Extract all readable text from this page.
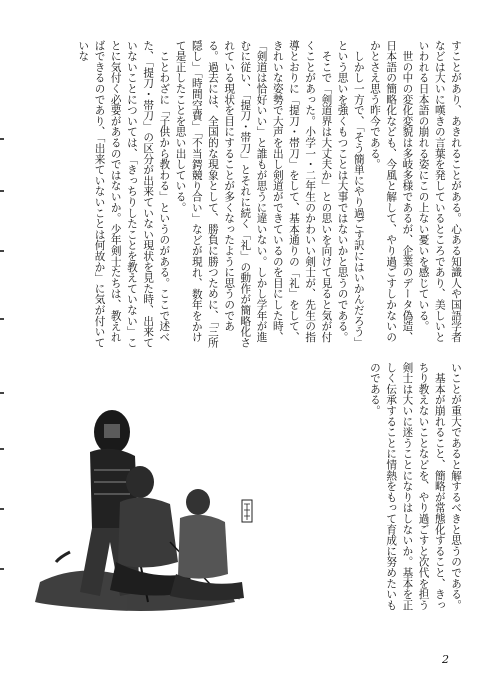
すことがあり、あきれることがある。心ある知識人や国語学者などは大いに嘆きの言葉を発しているところであり、美しいといわれる日本語の崩れる姿にこの上ない憂いを感じている。
　世の中の変化変貌は多岐多様であるが、企業のデータ偽造、日本語の簡略化なども、今風と解して、やり過ごすしかないのかとさえ思う昨今である。
　しかし一方で、「そう簡単にやり過ごす訳にはいかんだろう」という思いを強くもつことは大事ではないかと思うのである。
　そこで「剣道界は大丈夫か」との思いを向けて見ると気が付くことがあった。小学一・二年生のかわいい剣士が、先生の指導とおりに「提刀・帯刀」をして、基本通りの「礼」をして、きれいな姿勢で大声を出し剣道ができているのを目にした時、「剣道は恰好いい」と誰もが思うに違いない。しかし学年が進むに従い、「提刀・帯刀」とそれに続く「礼」の動作が簡略化されている現状を目にすることが多くなったように思うのである。過去には、全国的な現象として、勝負に勝つために、「三所隠し」「時間空費」「不当鍔競り合い」などが現れ、数年をかけて是正したことを思い出している。
　ことわざに「子供から教わる」というのがある。ここで述べた、「提刀・帯刀」の区分が出来ていない現状を見た時、出来ていないことについては、「きっちりしたことを教えていない」ことに気付く必要があるのではないか。少年剣士たちは、教えればできるのであり、「出来ていないことは何故か」に気が付いていな
いことが重大であると解するべきと思うのである。
　基本が崩れること、簡略が常態化すること、きっちり教えないことなどを、やり過ごすと次代を担う剣士は大いに迷うことになりはしないか。基本を正しく伝承することに情熱をもって育成に努めたいものである。
2
